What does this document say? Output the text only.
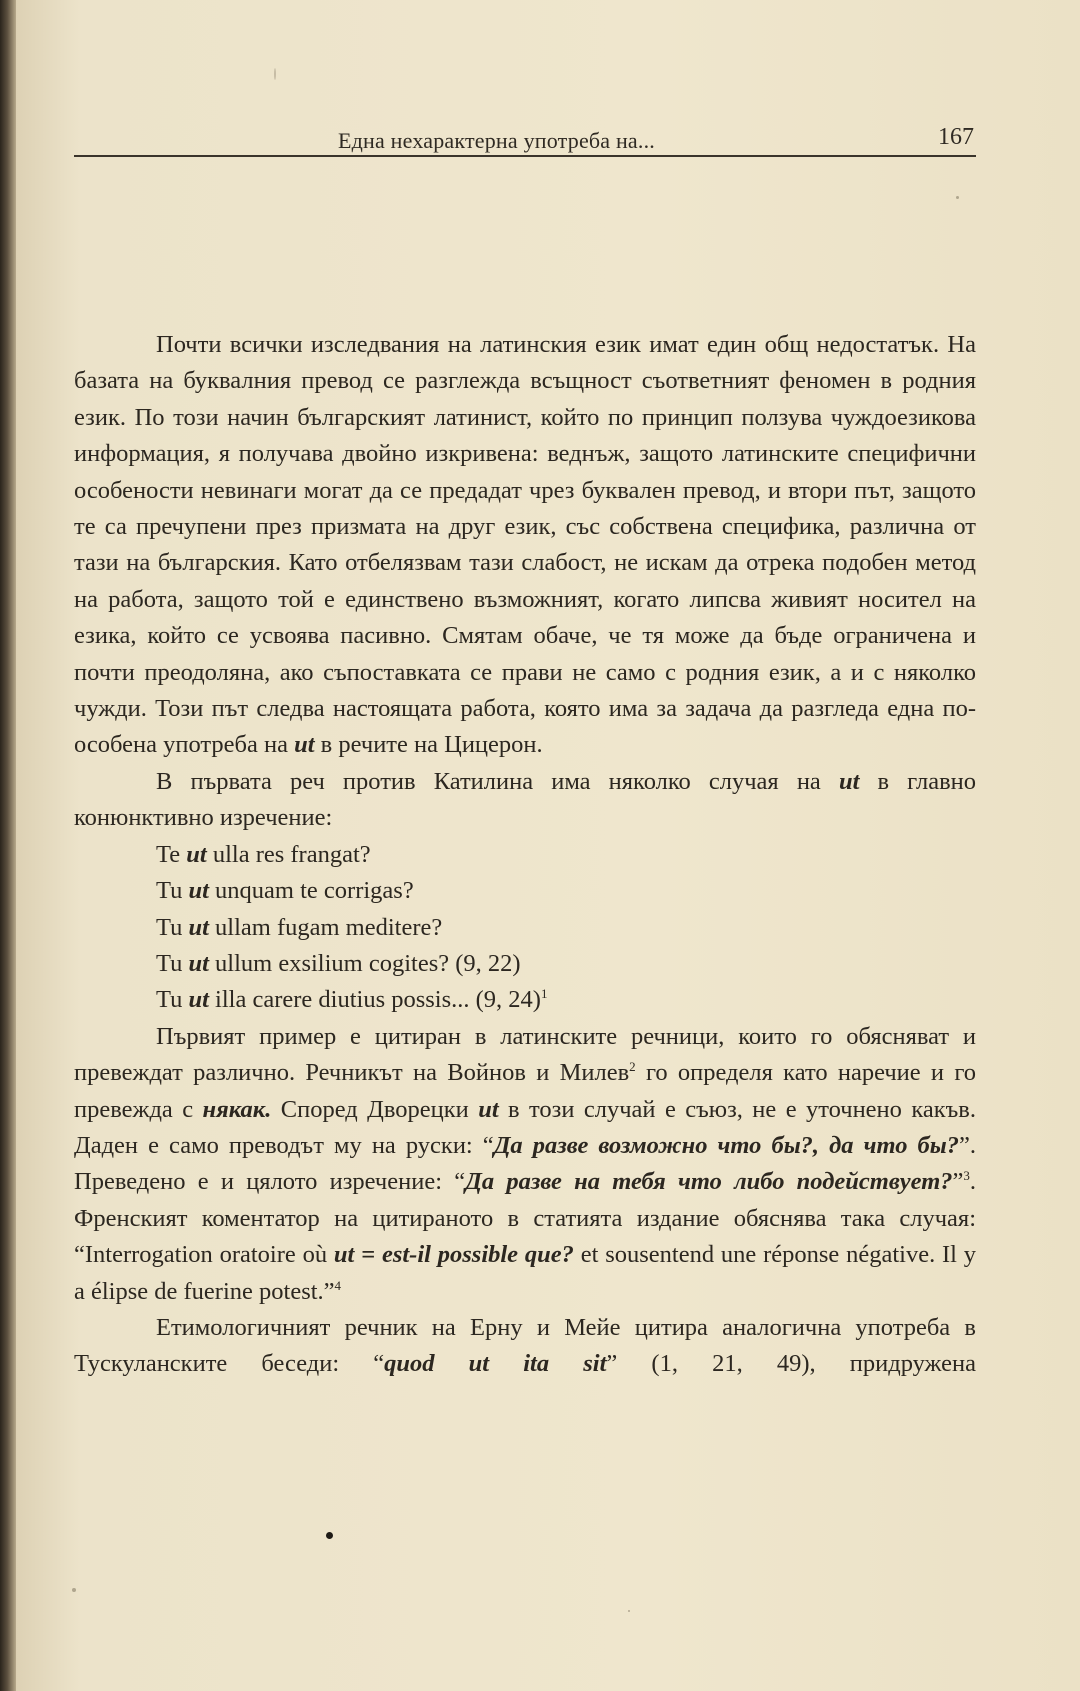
Една нехарактерна употреба на...	167

Почти всички изследвания на латинския език имат един общ недостатък. На базата на буквалния превод се разглежда всъщност съответният феномен в родния език. По този начин българският латинист, който по принцип ползува чуждоезикова информация, я получава двойно изкривена: веднъж, защото латинските специфични особености невинаги могат да се предадат чрез буквален превод, и втори път, защото те са пречупени през призмата на друг език, със собствена специфика, различна от тази на българския. Като отбелязвам тази слабост, не искам да отрека подобен метод на работа, защото той е единствено възможният, когато липсва живият носител на езика, който се усвоява пасивно. Смятам обаче, че тя може да бъде ограничена и почти преодоляна, ако съпоставката се прави не само с родния език, а и с няколко чужди. Този път следва настоящата работа, която има за задача да разгледа една по-особена употреба на ut в речите на Цицерон.

В първата реч против Катилина има няколко случая на ut в главно конюнктивно изречение:

Te ut ulla res frangat?

Tu ut unquam te corrigas?

Tu ut ullam fugam meditere?

Tu ut ullum exsilium cogites? (9, 22)

Tu ut illa carere diutius possis... (9, 24)$^1$

Първият пример е цитиран в латинските речници, които го обясняват и превеждат различно. Речникът на Войнов и Милев$^2$ го определя като наречие и го превежда с някак. Според Дворецки ut в този случай е съюз, не е уточнено какъв. Даден е само преводът му на руски: “Да разве возможно что бы?, да что бы?”. Преведено е и цялото изречение: “Да разве на тебя что либо подействует?”$^3$. Френският коментатор на цитираното в статията издание обяснява така случая: “Interrogation oratoire où ut = est-il possible que? et sousentend une réponse négative. Il y a élipse de fuerine potest.”$^4$

Етимологичният речник на Ерну и Мейе цитира аналогична употреба в Тускуланските беседи: “quod ut ita sit” (1, 21, 49), придружена
